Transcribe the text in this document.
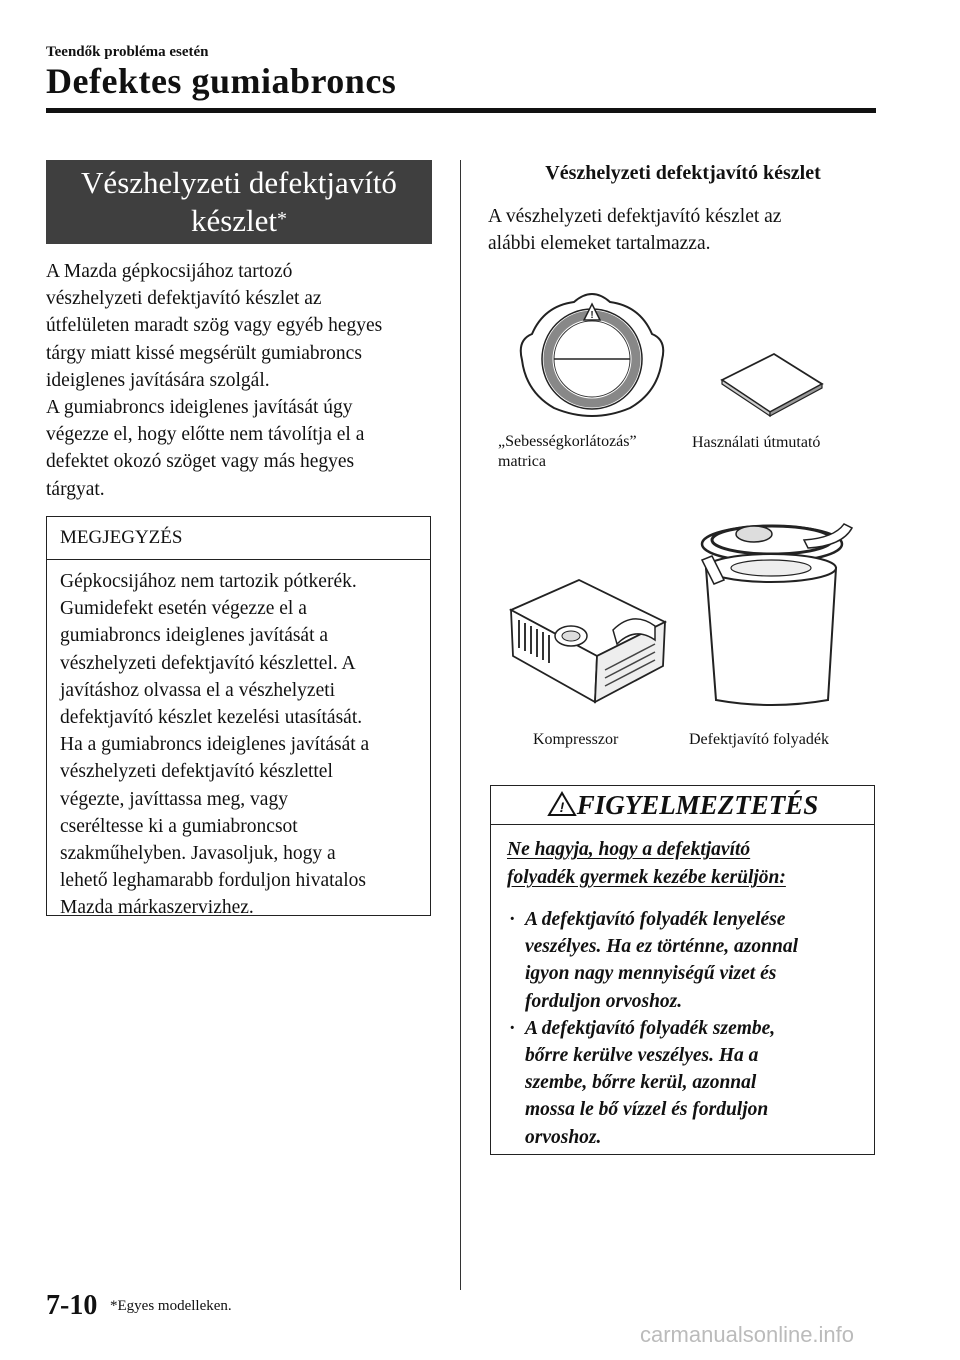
Teendők probléma esetén
Defektes gumiabroncs
Vészhelyzeti defektjavító készlet*
A Mazda gépkocsijához tartozó
vészhelyzeti defektjavító készlet az
útfelületen maradt szög vagy egyéb hegyes
tárgy miatt kissé megsérült gumiabroncs
ideiglenes javítására szolgál.
A gumiabroncs ideiglenes javítását úgy
végezze el, hogy előtte nem távolítja el a
defektet okozó szöget vagy más hegyes
tárgyat.
MEGJEGYZÉS
Gépkocsijához nem tartozik pótkerék.
Gumidefekt esetén végezze el a
gumiabroncs ideiglenes javítását a
vészhelyzeti defektjavító készlettel. A
javításhoz olvassa el a vészhelyzeti
defektjavító készlet kezelési utasítását.
Ha a gumiabroncs ideiglenes javítását a
vészhelyzeti defektjavító készlettel
végezte, javíttassa meg, vagy
cseréltesse ki a gumiabroncsot
szakműhelyben. Javasoljuk, hogy a
lehető leghamarabb forduljon hivatalos
Mazda márkaszervizhez.
Vészhelyzeti defektjavító készlet
A vészhelyzeti defektjavító készlet az
alábbi elemeket tartalmazza.
!
„Sebességkorlátozás”
matrica
Használati útmutató
Kompresszor	Defektjavító folyadék
! FIGYELMEZTETÉS
Ne hagyja, hogy a defektjavító
folyadék gyermek kezébe kerüljön:
· A defektjavító folyadék lenyelése
veszélyes. Ha ez történne, azonnal
igyon nagy mennyiségű vizet és
forduljon orvoshoz.
· A defektjavító folyadék szembe,
bőrre kerülve veszélyes. Ha a
szembe, bőrre kerül, azonnal
mossa le bő vízzel és forduljon
orvoshoz.
7-10 *Egyes modelleken.
carmanualsonline.info
